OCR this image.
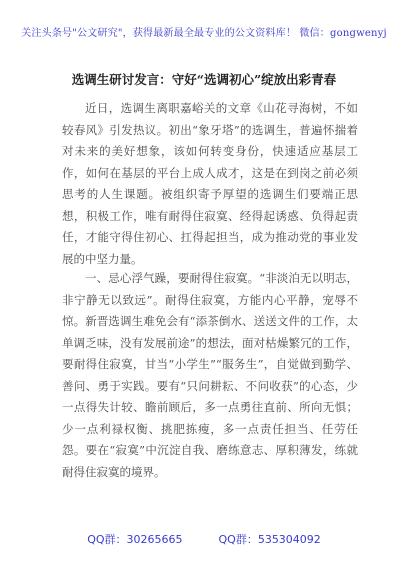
关注头条号"公文研究"，获得最新最全最专业的公文资料库！ 微信：gongwenyj
选调生研讨发言：守好“选调初心”绽放出彩青春

近日，选调生离职嘉峪关的文章《山花寻海树，不如较春风》引发热议。初出“象牙塔”的选调生，普遍怀揣着对未来的美好想象，该如何转变身份，快速适应基层工作，如何在基层的平台上成人成才，这是在到岗之前必须思考的人生课题。被组织寄予厚望的选调生们要端正思想，积极工作，唯有耐得住寂寞、经得起诱惑、负得起责任，才能守得住初心、扛得起担当，成为推动党的事业发展的中坚力量。

一、忌心浮气躁，要耐得住寂寞。“非淡泊无以明志，非宁静无以致远”。耐得住寂寞，方能内心平静，宠辱不惊。新晋选调生难免会有“添茶倒水、送送文件的工作，太单调乏味，没有发展前途”的想法，面对枯燥繁冗的工作，要耐得住寂寞，甘当“小学生”“服务生”，自觉做到勤学、善问、勇于实践。要有“只问耕耘、不问收获”的心态，少一点得失计较、瞻前顾后，多一点勇往直前、所向无惧；少一点利禄权衡、挑肥拣瘦，多一点责任担当、任劳任怨。要在“寂寞”中沉淀自我、磨练意志、厚积薄发，练就耐得住寂寞的境界。

QQ群：30265665	QQ群：535304092
